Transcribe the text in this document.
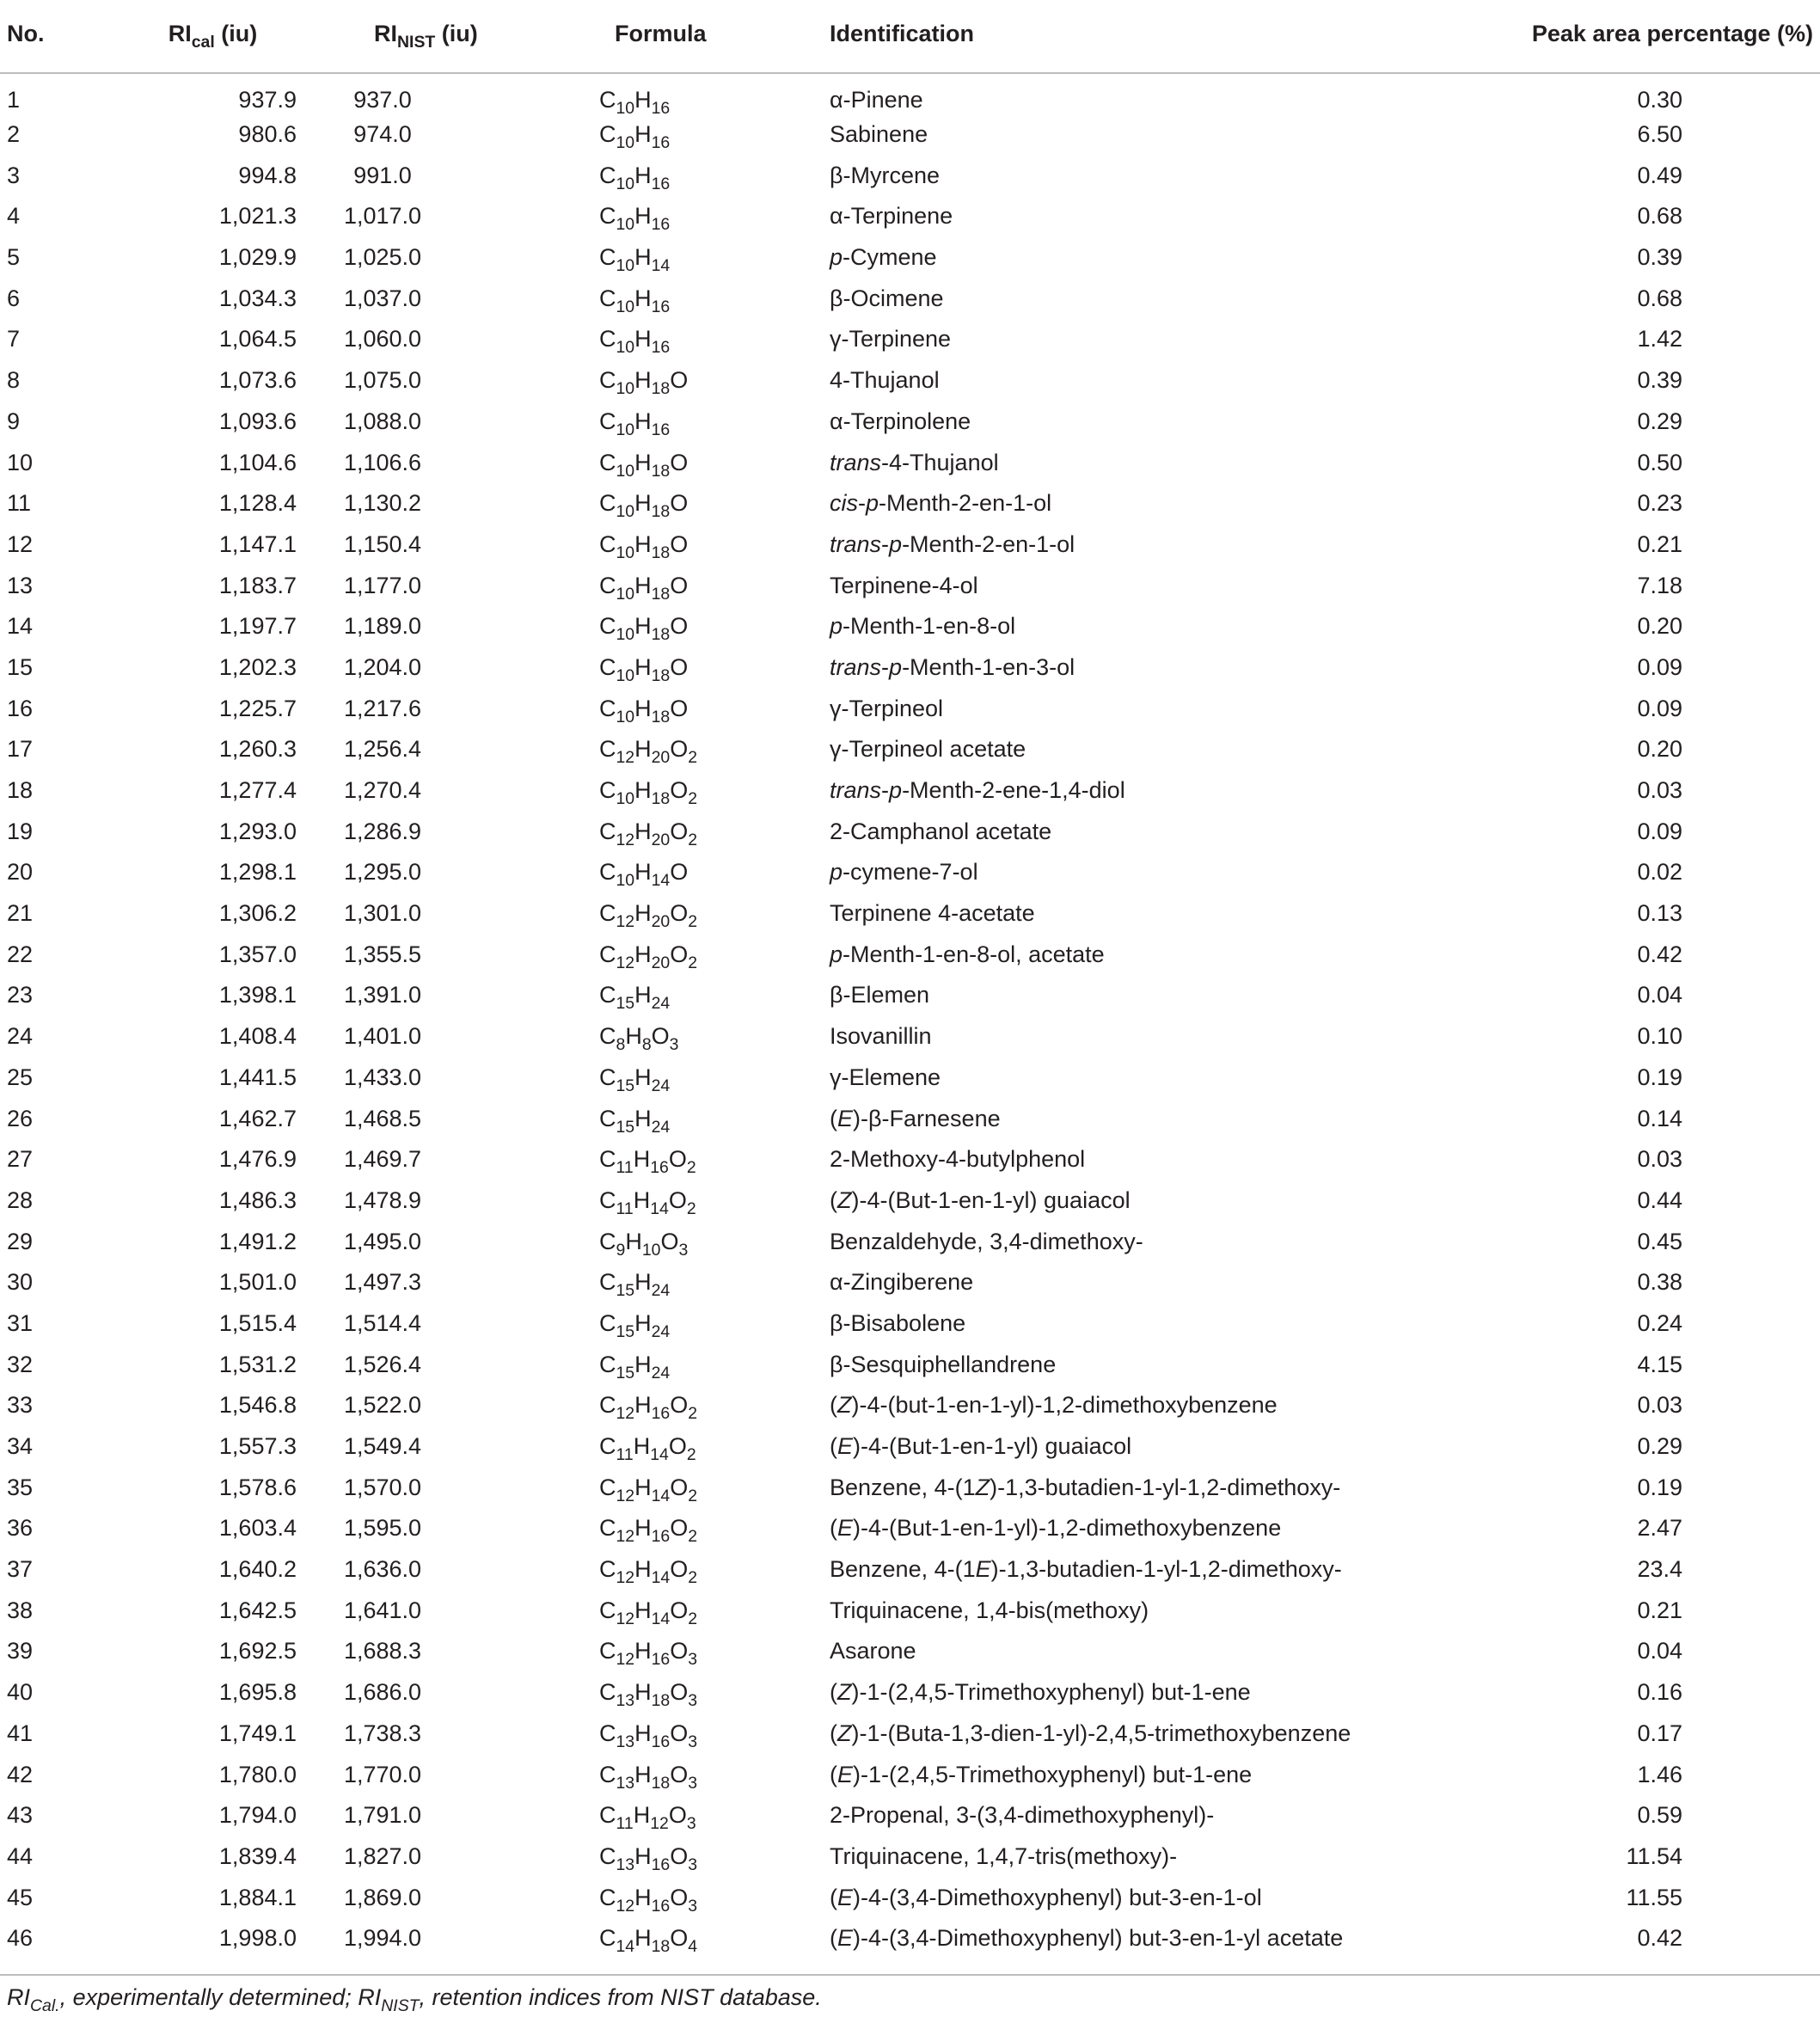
No.	$RI_{cal}$ (iu)	$RI_{NIST}$ (iu)	Formula	Identification	Peak area percentage (%)
1	937.9	937.0	$C_{10}H_{16}$	α-Pinene	0.30
2	980.6	974.0	$C_{10}H_{16}$	Sabinene	6.50
3	994.8	991.0	$C_{10}H_{16}$	β-Myrcene	0.49
4	1,021.3	1,017.0	$C_{10}H_{16}$	α-Terpinene	0.68
5	1,029.9	1,025.0	$C_{10}H_{14}$	p-Cymene	0.39
6	1,034.3	1,037.0	$C_{10}H_{16}$	β-Ocimene	0.68
7	1,064.5	1,060.0	$C_{10}H_{16}$	γ-Terpinene	1.42
8	1,073.6	1,075.0	$C_{10}H_{18}O$	4-Thujanol	0.39
9	1,093.6	1,088.0	$C_{10}H_{16}$	α-Terpinolene	0.29
10	1,104.6	1,106.6	$C_{10}H_{18}O$	trans-4-Thujanol	0.50
11	1,128.4	1,130.2	$C_{10}H_{18}O$	cis-p-Menth-2-en-1-ol	0.23
12	1,147.1	1,150.4	$C_{10}H_{18}O$	trans-p-Menth-2-en-1-ol	0.21
13	1,183.7	1,177.0	$C_{10}H_{18}O$	Terpinene-4-ol	7.18
14	1,197.7	1,189.0	$C_{10}H_{18}O$	p-Menth-1-en-8-ol	0.20
15	1,202.3	1,204.0	$C_{10}H_{18}O$	trans-p-Menth-1-en-3-ol	0.09
16	1,225.7	1,217.6	$C_{10}H_{18}O$	γ-Terpineol	0.09
17	1,260.3	1,256.4	$C_{12}H_{20}O_2$	γ-Terpineol acetate	0.20
18	1,277.4	1,270.4	$C_{10}H_{18}O_2$	trans-p-Menth-2-ene-1,4-diol	0.03
19	1,293.0	1,286.9	$C_{12}H_{20}O_2$	2-Camphanol acetate	0.09
20	1,298.1	1,295.0	$C_{10}H_{14}O$	p-cymene-7-ol	0.02
21	1,306.2	1,301.0	$C_{12}H_{20}O_2$	Terpinene 4-acetate	0.13
22	1,357.0	1,355.5	$C_{12}H_{20}O_2$	p-Menth-1-en-8-ol, acetate	0.42
23	1,398.1	1,391.0	$C_{15}H_{24}$	β-Elemen	0.04
24	1,408.4	1,401.0	$C_8H_8O_3$	Isovanillin	0.10
25	1,441.5	1,433.0	$C_{15}H_{24}$	γ-Elemene	0.19
26	1,462.7	1,468.5	$C_{15}H_{24}$	(E)-β-Farnesene	0.14
27	1,476.9	1,469.7	$C_{11}H_{16}O_2$	2-Methoxy-4-butylphenol	0.03
28	1,486.3	1,478.9	$C_{11}H_{14}O_2$	(Z)-4-(But-1-en-1-yl) guaiacol	0.44
29	1,491.2	1,495.0	$C_9H_{10}O_3$	Benzaldehyde, 3,4-dimethoxy-	0.45
30	1,501.0	1,497.3	$C_{15}H_{24}$	α-Zingiberene	0.38
31	1,515.4	1,514.4	$C_{15}H_{24}$	β-Bisabolene	0.24
32	1,531.2	1,526.4	$C_{15}H_{24}$	β-Sesquiphellandrene	4.15
33	1,546.8	1,522.0	$C_{12}H_{16}O_2$	(Z)-4-(but-1-en-1-yl)-1,2-dimethoxybenzene	0.03
34	1,557.3	1,549.4	$C_{11}H_{14}O_2$	(E)-4-(But-1-en-1-yl) guaiacol	0.29
35	1,578.6	1,570.0	$C_{12}H_{14}O_2$	Benzene, 4-(1Z)-1,3-butadien-1-yl-1,2-dimethoxy-	0.19
36	1,603.4	1,595.0	$C_{12}H_{16}O_2$	(E)-4-(But-1-en-1-yl)-1,2-dimethoxybenzene	2.47
37	1,640.2	1,636.0	$C_{12}H_{14}O_2$	Benzene, 4-(1E)-1,3-butadien-1-yl-1,2-dimethoxy-	23.4
38	1,642.5	1,641.0	$C_{12}H_{14}O_2$	Triquinacene, 1,4-bis(methoxy)	0.21
39	1,692.5	1,688.3	$C_{12}H_{16}O_3$	Asarone	0.04
40	1,695.8	1,686.0	$C_{13}H_{18}O_3$	(Z)-1-(2,4,5-Trimethoxyphenyl) but-1-ene	0.16
41	1,749.1	1,738.3	$C_{13}H_{16}O_3$	(Z)-1-(Buta-1,3-dien-1-yl)-2,4,5-trimethoxybenzene	0.17
42	1,780.0	1,770.0	$C_{13}H_{18}O_3$	(E)-1-(2,4,5-Trimethoxyphenyl) but-1-ene	1.46
43	1,794.0	1,791.0	$C_{11}H_{12}O_3$	2-Propenal, 3-(3,4-dimethoxyphenyl)-	0.59
44	1,839.4	1,827.0	$C_{13}H_{16}O_3$	Triquinacene, 1,4,7-tris(methoxy)-	11.54
45	1,884.1	1,869.0	$C_{12}H_{16}O_3$	(E)-4-(3,4-Dimethoxyphenyl) but-3-en-1-ol	11.55
46	1,998.0	1,994.0	$C_{14}H_{18}O_4$	(E)-4-(3,4-Dimethoxyphenyl) but-3-en-1-yl acetate	0.42
$RI_{Cal.}$, experimentally determined; $RI_{NIST}$, retention indices from NIST database.
